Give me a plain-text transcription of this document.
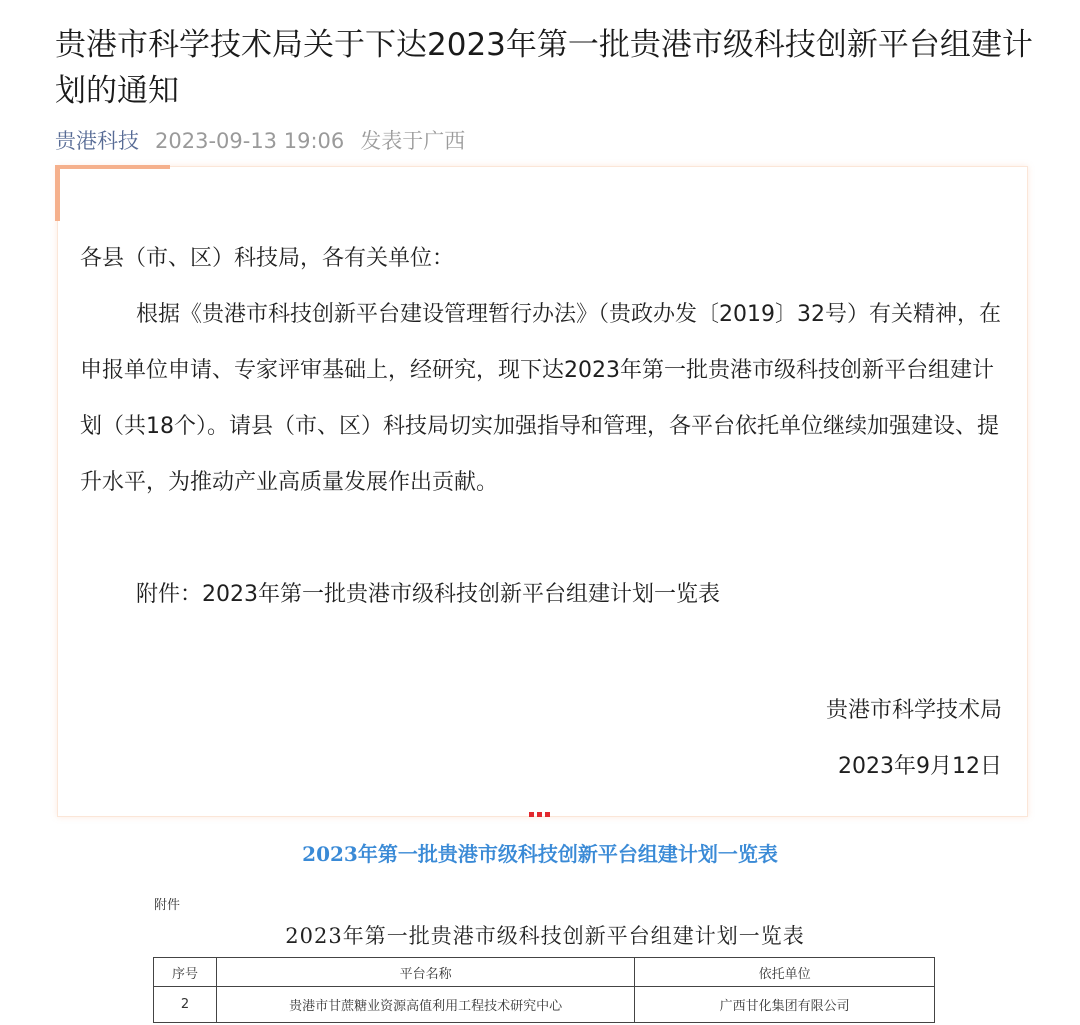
贵港市科学技术局关于下达2023年第一批贵港市级科技创新平台组建计划的通知
贵港科技 2023-09-13 19:06 发表于广西

各县（市、区）科技局，各有关单位：

根据《贵港市科技创新平台建设管理暂行办法》（贵政办发〔2019〕32号）有关精神，在申报单位申请、专家评审基础上，经研究，现下达2023年第一批贵港市级科技创新平台组建计划（共18个）。请县（市、区）科技局切实加强指导和管理，各平台依托单位继续加强建设、提升水平，为推动产业高质量发展作出贡献。

附件：2023年第一批贵港市级科技创新平台组建计划一览表

贵港市科学技术局

2023年9月12日

2023年第一批贵港市级科技创新平台组建计划一览表
附件
2023年第一批贵港市级科技创新平台组建计划一览表
序号	平台名称	依托单位
2	贵港市甘蔗糖业资源高值利用工程技术研究中心	广西甘化集团有限公司
